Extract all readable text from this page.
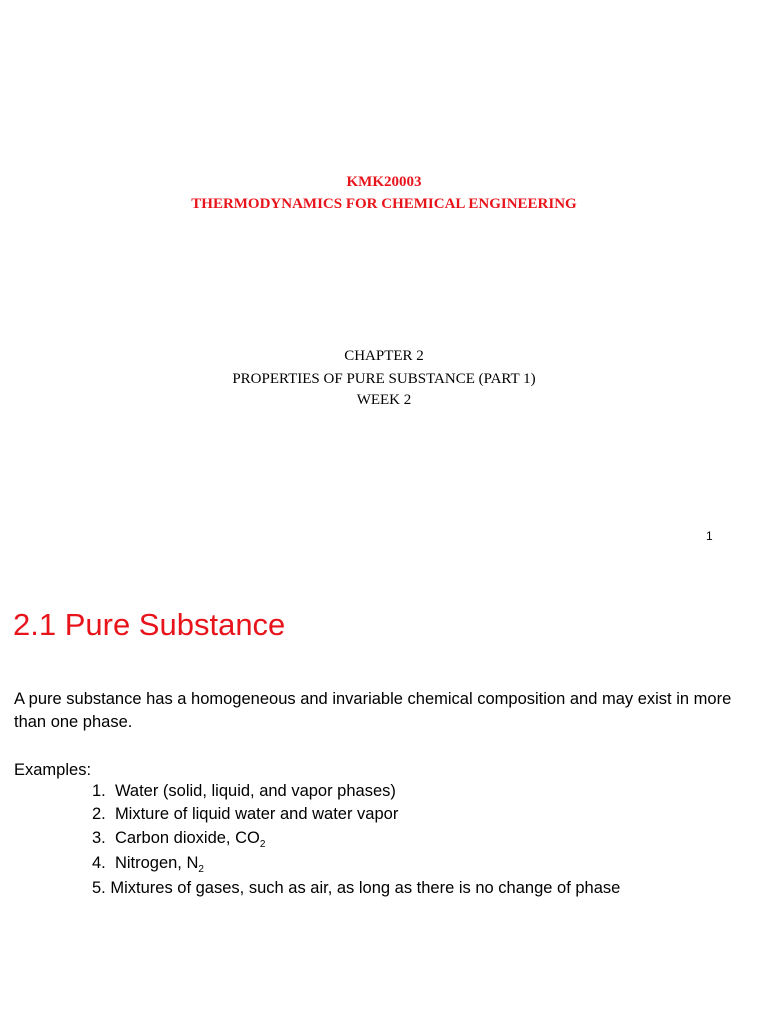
KMK20003
THERMODYNAMICS FOR CHEMICAL ENGINEERING
CHAPTER 2
PROPERTIES OF PURE SUBSTANCE (PART 1)
WEEK 2
1
2.1 Pure Substance

A pure substance has a homogeneous and invariable chemical composition and may exist in more than one phase.

Examples:
1. Water (solid, liquid, and vapor phases)
2. Mixture of liquid water and water vapor
3. Carbon dioxide, $CO_2$
4. Nitrogen, $N_2$
5. Mixtures of gases, such as air, as long as there is no change of phase
